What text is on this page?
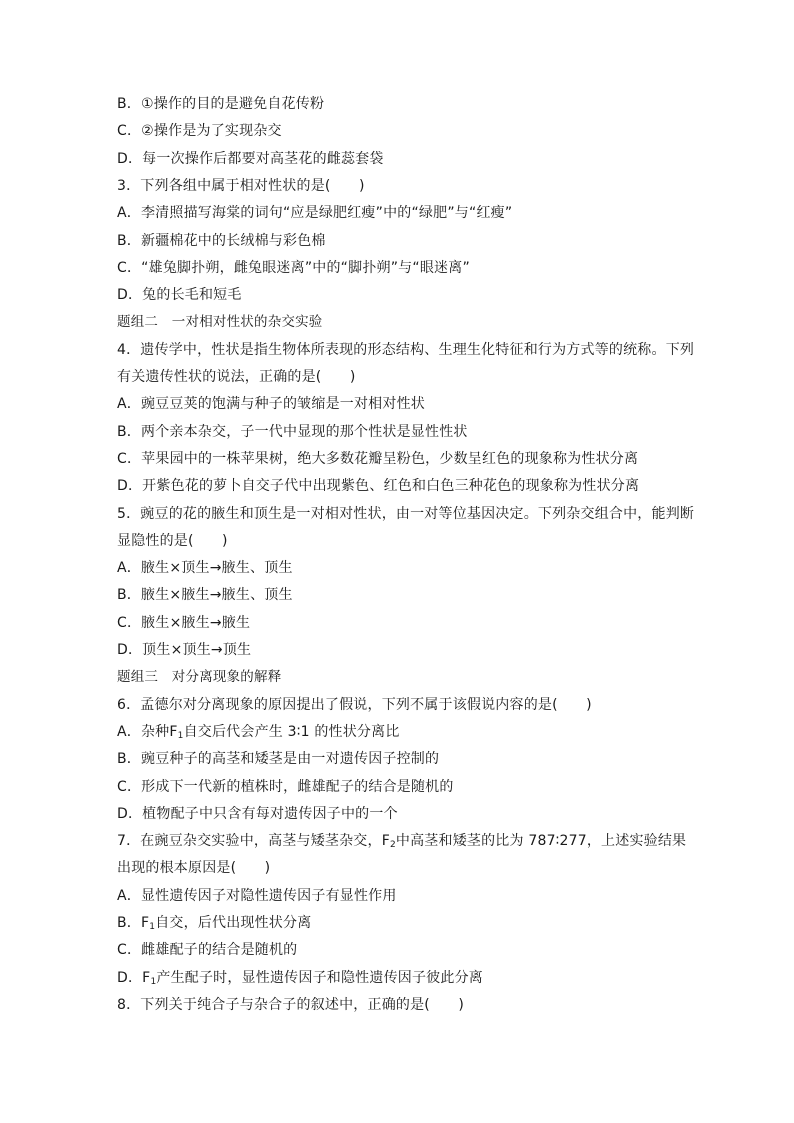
B．①操作的目的是避免自花传粉
C．②操作是为了实现杂交
D．每一次操作后都要对高茎花的雌蕊套袋
3．下列各组中属于相对性状的是(　　)
A．李清照描写海棠的词句“应是绿肥红瘦”中的“绿肥”与“红瘦”
B．新疆棉花中的长绒棉与彩色棉
C．“雄兔脚扑朔，雌兔眼迷离”中的“脚扑朔”与“眼迷离”
D．兔的长毛和短毛
题组二　一对相对性状的杂交实验
4．遗传学中，性状是指生物体所表现的形态结构、生理生化特征和行为方式等的统称。下列
有关遗传性状的说法，正确的是(　　)
A．豌豆豆荚的饱满与种子的皱缩是一对相对性状
B．两个亲本杂交，子一代中显现的那个性状是显性性状
C．苹果园中的一株苹果树，绝大多数花瓣呈粉色，少数呈红色的现象称为性状分离
D．开紫色花的萝卜自交子代中出现紫色、红色和白色三种花色的现象称为性状分离
5．豌豆的花的腋生和顶生是一对相对性状，由一对等位基因决定。下列杂交组合中，能判断
显隐性的是(　　)
A．腋生×顶生→腋生、顶生
B．腋生×腋生→腋生、顶生
C．腋生×腋生→腋生
D．顶生×顶生→顶生
题组三　对分离现象的解释
6．孟德尔对分离现象的原因提出了假说，下列不属于该假说内容的是(　　)
A．杂种$F_1$自交后代会产生 3∶1 的性状分离比
B．豌豆种子的高茎和矮茎是由一对遗传因子控制的
C．形成下一代新的植株时，雌雄配子的结合是随机的
D．植物配子中只含有每对遗传因子中的一个
7．在豌豆杂交实验中，高茎与矮茎杂交，$F_2$中高茎和矮茎的比为 787∶277，上述实验结果
出现的根本原因是(　　)
A．显性遗传因子对隐性遗传因子有显性作用
B．$F_1$自交，后代出现性状分离
C．雌雄配子的结合是随机的
D．$F_1$产生配子时，显性遗传因子和隐性遗传因子彼此分离
8．下列关于纯合子与杂合子的叙述中，正确的是(　　)
